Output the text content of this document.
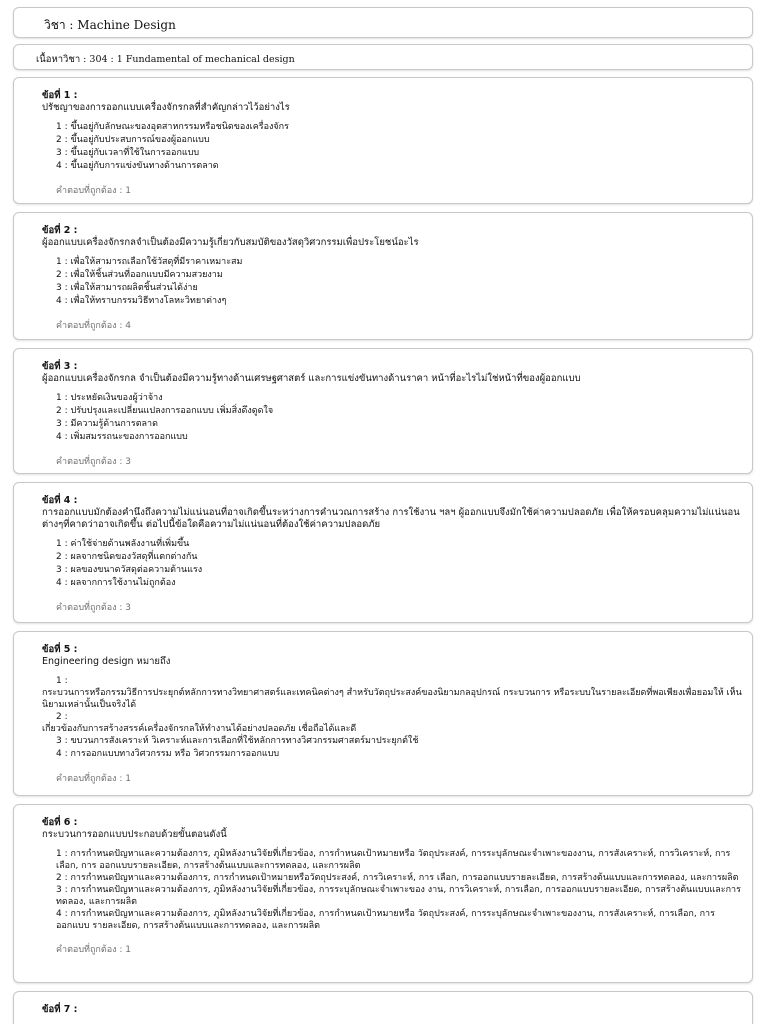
วิชา : Machine Design
เนื้อหาวิชา : 304 : 1 Fundamental of mechanical design
ข้อที่ 1 :
ปรัชญาของการออกแบบเครื่องจักรกลที่สำคัญกล่าวไว้อย่างไร
1 : ขึ้นอยู่กับลักษณะของอุตสาหกรรมหรือชนิดของเครื่องจักร
2 : ขึ้นอยู่กับประสบการณ์ของผู้ออกแบบ
3 : ขึ้นอยู่กับเวลาที่ใช้ในการออกแบบ
4 : ขึ้นอยู่กับการแข่งขันทางด้านการตลาด
คำตอบที่ถูกต้อง : 1
ข้อที่ 2 :
ผู้ออกแบบเครื่องจักรกลจำเป็นต้องมีความรู้เกี่ยวกับสมบัติของวัสดุวิศวกรรมเพื่อประโยชน์อะไร
1 : เพื่อให้สามารถเลือกใช้วัสดุที่มีราคาเหมาะสม
2 : เพื่อให้ชิ้นส่วนที่ออกแบบมีความสวยงาม
3 : เพื่อให้สามารถผลิตชิ้นส่วนได้ง่าย
4 : เพื่อให้ทราบกรรมวิธีทางโลหะวิทยาต่างๆ
คำตอบที่ถูกต้อง : 4
ข้อที่ 3 :
ผู้ออกแบบเครื่องจักรกล จำเป็นต้องมีความรู้ทางด้านเศรษฐศาสตร์ และการแข่งขันทางด้านราคา หน้าที่อะไรไม่ใช่หน้าที่ของผู้ออกแบบ
1 : ประหยัดเงินของผู้ว่าจ้าง
2 : ปรับปรุงและเปลี่ยนแปลงการออกแบบ เพิ่มสิ่งดึงดูดใจ
3 : มีความรู้ด้านการตลาด
4 : เพิ่มสมรรถนะของการออกแบบ
คำตอบที่ถูกต้อง : 3
ข้อที่ 4 :
การออกแบบมักต้องคำนึงถึงความไม่แน่นอนที่อาจเกิดขึ้นระหว่างการคำนวณการสร้าง การใช้งาน ฯลฯ ผู้ออกแบบจึงมักใช้ค่าความปลอดภัย เพื่อให้ครอบคลุมความไม่แน่นอนต่างๆที่คาดว่าอาจเกิดขึ้น ต่อไปนี้ข้อใดคือความไม่แน่นอนที่ต้องใช้ค่าความปลอดภัย
1 : ค่าใช้จ่ายด้านพลังงานที่เพิ่มขึ้น
2 : ผลจากชนิดของวัสดุที่แตกต่างกัน
3 : ผลของขนาดวัสดุต่อความต้านแรง
4 : ผลจากการใช้งานไม่ถูกต้อง
คำตอบที่ถูกต้อง : 3
ข้อที่ 5 :
Engineering design หมายถึง
1 :
กระบวนการหรือกรรมวิธีการประยุกต์หลักการทางวิทยาศาสตร์และเทคนิคต่างๆ สำหรับวัตถุประสงค์ของนิยามกลอุปกรณ์ กระบวนการ หรือระบบในรายละเอียดที่พอเพียงเพื่อยอมให้ เห็นนิยามเหล่านั้นเป็นจริงได้
2 :
เกี่ยวข้องกับการสร้างสรรค์เครื่องจักรกลให้ทำงานได้อย่างปลอดภัย เชื่อถือได้และดี
3 : ขบวนการสังเคราะห์ วิเคราะห์และการเลือกที่ใช้หลักการทางวิศวกรรมศาสตร์มาประยุกต์ใช้
4 : การออกแบบทางวิศวกรรม หรือ วิศวกรรมการออกแบบ
คำตอบที่ถูกต้อง : 1
ข้อที่ 6 :
กระบวนการออกแบบประกอบด้วยขั้นตอนดังนี้
1 : การกำหนดปัญหาและความต้องการ, ภูมิหลังงานวิจัยที่เกี่ยวข้อง, การกำหนดเป้าหมายหรือ วัตถุประสงค์, การระบุลักษณะจำเพาะของงาน, การสังเคราะห์, การวิเคราะห์, การเลือก, การ ออกแบบรายละเอียด, การสร้างต้นแบบและการทดลอง, และการผลิต
2 : การกำหนดปัญหาและความต้องการ, การกำหนดเป้าหมายหรือวัตถุประสงค์, การวิเคราะห์, การ เลือก, การออกแบบรายละเอียด, การสร้างต้นแบบและการทดลอง, และการผลิต
3 : การกำหนดปัญหาและความต้องการ, ภูมิหลังงานวิจัยที่เกี่ยวข้อง, การระบุลักษณะจำเพาะของ งาน, การวิเคราะห์, การเลือก, การออกแบบรายละเอียด, การสร้างต้นแบบและการทดลอง, และการผลิต
4 : การกำหนดปัญหาและความต้องการ, ภูมิหลังงานวิจัยที่เกี่ยวข้อง, การกำหนดเป้าหมายหรือ วัตถุประสงค์, การระบุลักษณะจำเพาะของงาน, การสังเคราะห์, การเลือก, การออกแบบ รายละเอียด, การสร้างต้นแบบและการทดลอง, และการผลิต
คำตอบที่ถูกต้อง : 1
ข้อที่ 7 :
